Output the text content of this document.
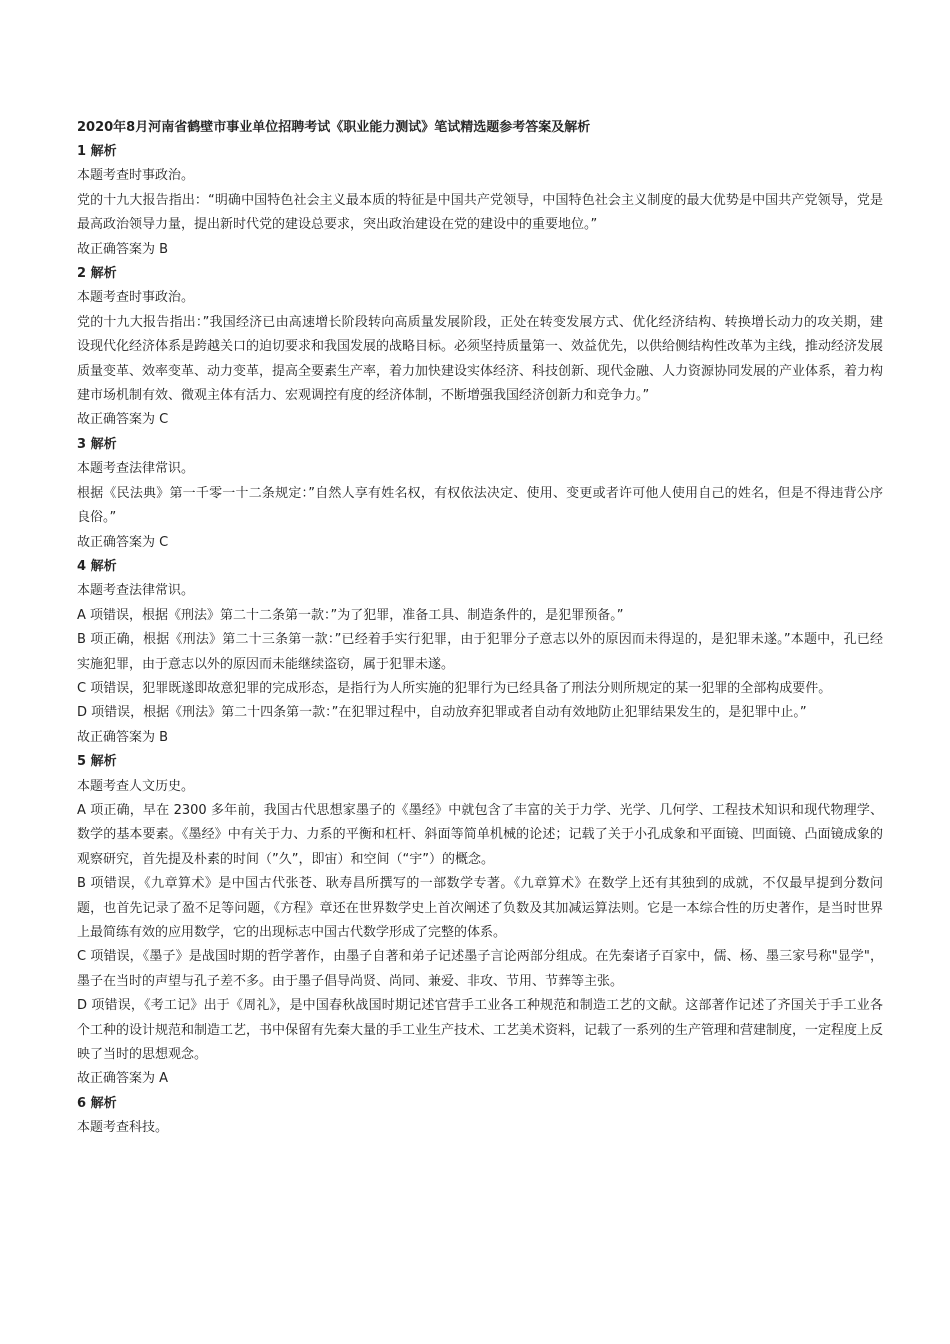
2020年8月河南省鹤壁市事业单位招聘考试《职业能力测试》笔试精选题参考答案及解析

1 解析

本题考查时事政治。

党的十九大报告指出：“明确中国特色社会主义最本质的特征是中国共产党领导，中国特色社会主义制度的最大优势是中国共产党领导，党是最高政治领导力量，提出新时代党的建设总要求，突出政治建设在党的建设中的重要地位。”

故正确答案为 B

2 解析

本题考查时事政治。

党的十九大报告指出：”我国经济已由高速增长阶段转向高质量发展阶段，正处在转变发展方式、优化经济结构、转换增长动力的攻关期，建设现代化经济体系是跨越关口的迫切要求和我国发展的战略目标。必须坚持质量第一、效益优先，以供给侧结构性改革为主线，推动经济发展质量变革、效率变革、动力变革，提高全要素生产率，着力加快建设实体经济、科技创新、现代金融、人力资源协同发展的产业体系，着力构建市场机制有效、微观主体有活力、宏观调控有度的经济体制，不断增强我国经济创新力和竞争力。”

故正确答案为 C

3 解析

本题考查法律常识。

根据《民法典》第一千零一十二条规定：”自然人享有姓名权，有权依法决定、使用、变更或者许可他人使用自己的姓名，但是不得违背公序良俗。”

故正确答案为 C

4 解析

本题考查法律常识。

A 项错误，根据《刑法》第二十二条第一款：”为了犯罪，准备工具、制造条件的，是犯罪预备。”

B 项正确，根据《刑法》第二十三条第一款：”已经着手实行犯罪，由于犯罪分子意志以外的原因而未得逞的，是犯罪未遂。”本题中，孔已经实施犯罪，由于意志以外的原因而未能继续盗窃，属于犯罪未遂。

C 项错误，犯罪既遂即故意犯罪的完成形态，是指行为人所实施的犯罪行为已经具备了刑法分则所规定的某一犯罪的全部构成要件。

D 项错误，根据《刑法》第二十四条第一款：”在犯罪过程中，自动放弃犯罪或者自动有效地防止犯罪结果发生的，是犯罪中止。”

故正确答案为 B

5 解析

本题考查人文历史。

A 项正确，早在 2300 多年前，我国古代思想家墨子的《墨经》中就包含了丰富的关于力学、光学、几何学、工程技术知识和现代物理学、数学的基本要素。《墨经》中有关于力、力系的平衡和杠杆、斜面等简单机械的论述；记载了关于小孔成象和平面镜、凹面镜、凸面镜成象的观察研究，首先提及朴素的时间（”久”，即宙）和空间（“宇”）的概念。

B 项错误，《九章算术》是中国古代张苍、耿寿昌所撰写的一部数学专著。《九章算术》在数学上还有其独到的成就，不仅最早提到分数问题，也首先记录了盈不足等问题，《方程》章还在世界数学史上首次阐述了负数及其加减运算法则。它是一本综合性的历史著作，是当时世界上最简练有效的应用数学，它的出现标志中国古代数学形成了完整的体系。

C 项错误，《墨子》是战国时期的哲学著作，由墨子自著和弟子记述墨子言论两部分组成。在先秦诸子百家中，儒、杨、墨三家号称"显学"，墨子在当时的声望与孔子差不多。由于墨子倡导尚贤、尚同、兼爱、非攻、节用、节葬等主张。

D 项错误，《考工记》出于《周礼》，是中国春秋战国时期记述官营手工业各工种规范和制造工艺的文献。这部著作记述了齐国关于手工业各个工种的设计规范和制造工艺，书中保留有先秦大量的手工业生产技术、工艺美术资料，记载了一系列的生产管理和营建制度，一定程度上反映了当时的思想观念。

故正确答案为 A

6 解析

本题考查科技。
